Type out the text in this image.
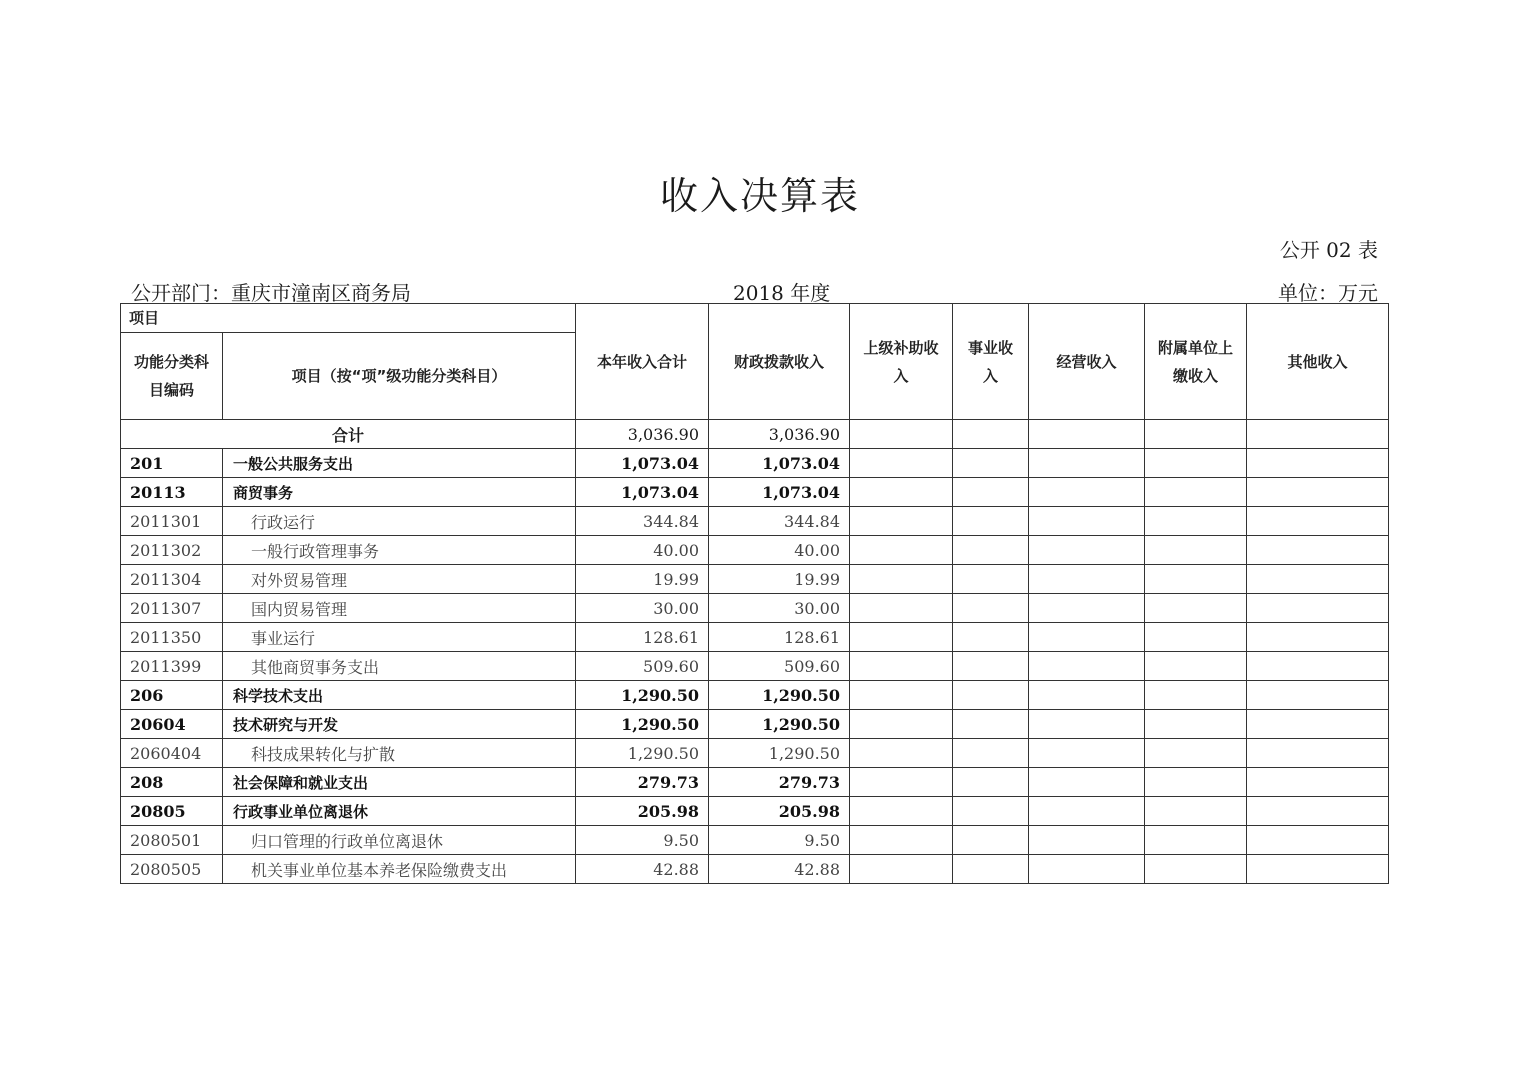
收入决算表
公开 02 表
公开部门：重庆市潼南区商务局	2018 年度	单位：万元
项目		本年收入合计	财政拨款收入	上级补助收入	事业收入	经营收入	附属单位上缴收入	其他收入
功能分类科目编码	项目（按“项”级功能分类科目）							
合计		3,036.90	3,036.90					
201	一般公共服务支出	1,073.04	1,073.04					
20113	商贸事务	1,073.04	1,073.04					
2011301	行政运行	344.84	344.84					
2011302	一般行政管理事务	40.00	40.00					
2011304	对外贸易管理	19.99	19.99					
2011307	国内贸易管理	30.00	30.00					
2011350	事业运行	128.61	128.61					
2011399	其他商贸事务支出	509.60	509.60					
206	科学技术支出	1,290.50	1,290.50					
20604	技术研究与开发	1,290.50	1,290.50					
2060404	科技成果转化与扩散	1,290.50	1,290.50					
208	社会保障和就业支出	279.73	279.73					
20805	行政事业单位离退休	205.98	205.98					
2080501	归口管理的行政单位离退休	9.50	9.50					
2080505	机关事业单位基本养老保险缴费支出	42.88	42.88					
